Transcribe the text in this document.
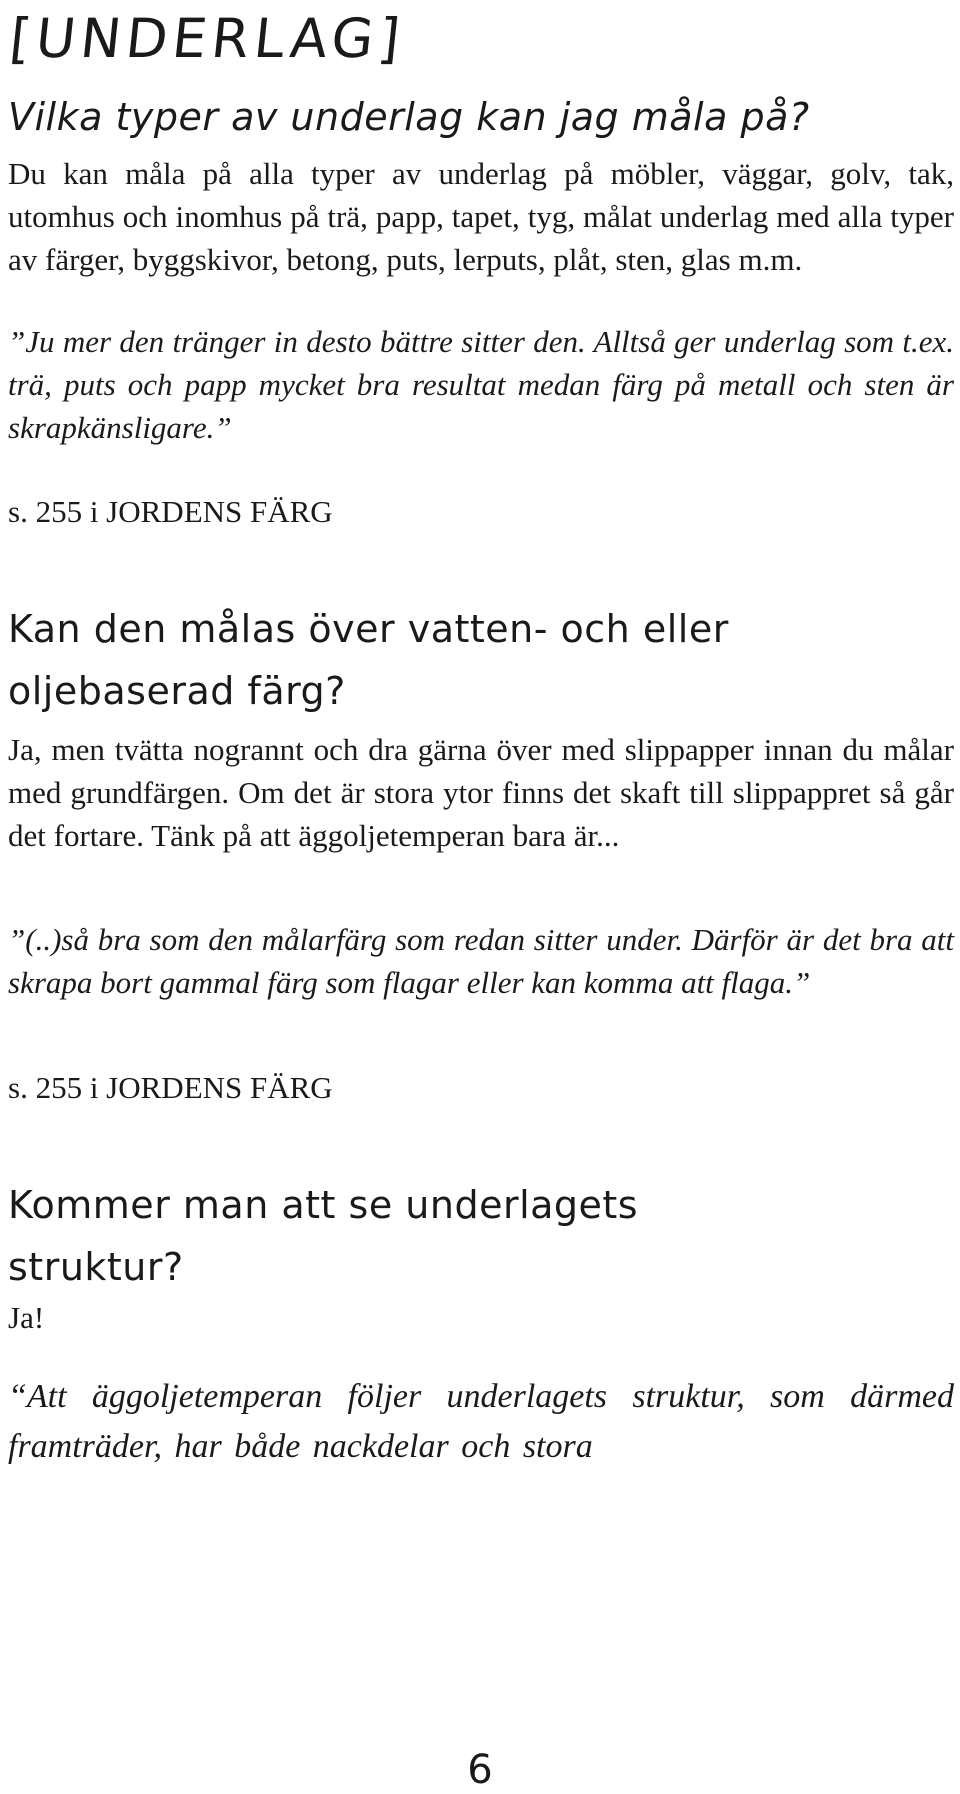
[UNDERLAG]
Vilka typer av underlag kan jag måla på?

Du kan måla på alla typer av underlag på möbler, väggar, golv, tak, utomhus och inomhus på trä, papp, tapet, tyg, målat underlag med alla typer av färger, byggskivor, betong, puts, lerputs, plåt, sten, glas m.m.

”Ju mer den tränger in desto bättre sitter den. Alltså ger underlag som t.ex. trä, puts och papp mycket bra resultat medan färg på metall och sten är skrapkänsligare.”

s. 255 i JORDENS FÄRG

Kan den målas över vatten- och eller oljebaserad färg?

Ja, men tvätta nogrannt och dra gärna över med slippapper innan du målar med grundfärgen. Om det är stora ytor finns det skaft till slippappret så går det fortare. Tänk på att äggoljetemperan bara är...

”(..)så bra som den målarfärg som redan sitter under. Därför är det bra att skrapa bort gammal färg som flagar eller kan komma att flaga.”

s. 255 i JORDENS FÄRG

Kommer man att se underlagets struktur?

Ja!

“Att äggoljetemperan följer underlagets struktur, som därmed framträder, har både nackdelar och stora

6
